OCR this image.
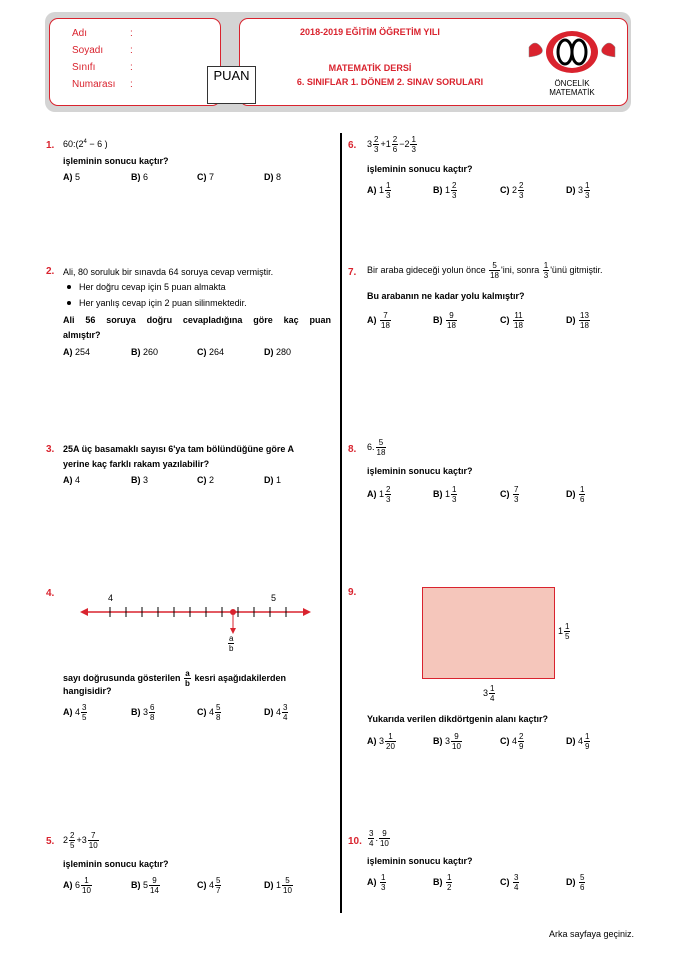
Adı	:
Soyadı	:
Sınıfı	:
Numarası :
2018-2019 EĞİTİM ÖĞRETİM YILI
MATEMATİK DERSİ
6. SINIFLAR 1. DÖNEM 2. SINAV SORULARI	ÖNCELİK
MATEMATİK
PUAN
1. $60:(2^4 - 6$ )
işleminin sonucu kaçtır?
A) 5	B) 6	C) 7	D) 8
2. Ali, 80 soruluk bir sınavda 64 soruya cevap vermiştir.
Her doğru cevap için 5 puan almakta
Her yanlış cevap için 2 puan silinmektedir.
Ali 56 soruya doğru cevapladığına göre kaç puan
almıştır?
A) 254	B) 260	C) 264	D) 280
3. 25A üç basamaklı sayısı 6'ya tam bölündüğüne göre A
yerine kaç farklı rakam yazılabilir?
A) 4	B) 3	C) 2	D) 1
4.	4	5
$\frac{a}{b}$
sayı doğrusunda gösterilen $\frac{a}{b}$ kesri aşağıdakilerden
hangisidir?
A) $4 \frac{3}{5}$	B) $3 \frac{6}{8}$	C) $4 \frac{5}{8}$	D) $4 \frac{3}{4}$
5. $2 \frac{2}{5} +3 \frac{7}{10}$
işleminin sonucu kaçtır?
A) $6 \frac{1}{10}$	B) $5 \frac{9}{14}$	C) $4 \frac{5}{7}$	D) $1 \frac{5}{10}$
6. $3 \frac{2}{3} +1 \frac{2}{6} -2 \frac{1}{3}$
işleminin sonucu kaçtır?
A) $1 \frac{1}{3}$	B) $1 \frac{2}{3}$	C) $2 \frac{2}{3}$	D) $3 \frac{1}{3}$
7. Bir araba gideceği yolun önce $\frac{5}{18}$ 'ini, sonra $\frac{1}{3}$ 'ünü gitmiştir.
Bu arabanın ne kadar yolu kalmıştır?
$A) \frac{7}{18}$	$B) \frac{9}{18}$	$C) \frac{11}{18}$	$D) \frac{13}{18}$
8. 6. $\frac{5}{18}$
işleminin sonucu kaçtır?
A) $1 \frac{2}{3}$	B) $1 \frac{1}{3}$	$C) \frac{7}{3}$	$D) \frac{1}{6}$
9.
$1 \frac{1}{5}$
$3 \frac{1}{4}$
Yukarıda verilen dikdörtgenin alanı kaçtır?
A) $3 \frac{1}{20}$	B) $3 \frac{9}{10}$	C) $4 \frac{2}{9}$	D) $4 \frac{1}{9}$
10. $\frac{3}{4}$ . $\frac{9}{10}$
işleminin sonucu kaçtır?
$A) \frac{1}{3}$	$B) \frac{1}{2}$	$C) \frac{3}{4}$	$D) \frac{5}{6}$
Arka sayfaya geçiniz.
